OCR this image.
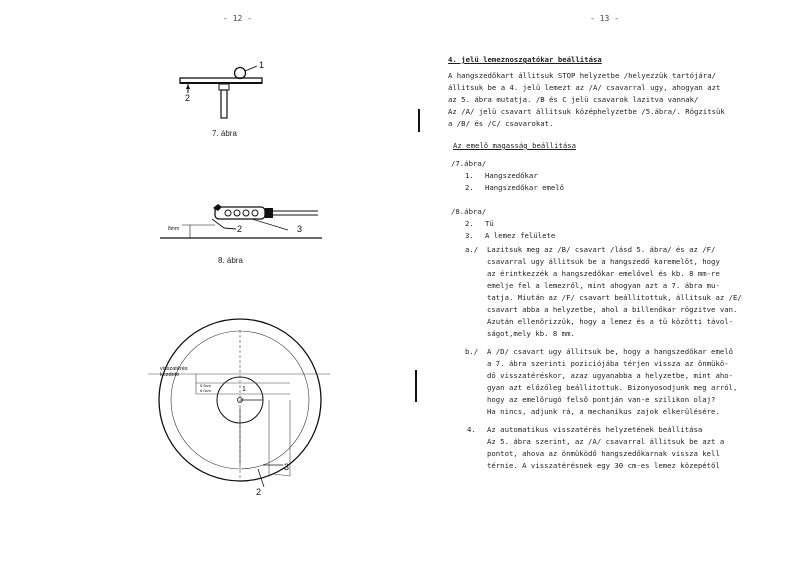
- 12 -
1
2
7. ábra
8mm	2	3
8. ábra
visszatérés
kezdete
5.5cm
6.0cm	1
2
3
- 13 -
4. jelü lemeznoszgatókar beállitása
A hangszedőkart állitsuk STOP helyzetbe /helyezzük tartójára/
állitsuk be a 4. jelü lemezt az /A/ csavarral ugy, ahogyan azt
az 5. ábra mutatja. /B és C jelü csavarok lazitva vannak/
Az /A/ jelü csavart állitsuk középhelyzetbe /5.ábra/. Rögzitsük
a /B/ és /C/ csavarokat.
Az emelő magasság beállitása
/7.ábra/
1. Hangszedőkar
2. Hangszedőkar emelő
/8.ábra/
2. Tü
3. A lemez felülete
a./ Lazitsuk meg az /B/ csavart /lásd 5. ábra/ és az /F/
csavarral ugy állitsuk be a hangszedő karemelőt, hogy
az érintkezzék a hangszedőkar emelővel és kb. 8 mm-re
emelje fel a lemezről, mint ahogyan azt a 7. ábra mu-
tatja. Miután az /F/ csavart beállitottuk, állitsuk az /E/
csavart abba a helyzetbe, ahol a billenőkar rögzitve van.
Azután ellenőrizzük, hogy a lemez és a tü közötti távol-
ságot,mely kb. 8 mm.
b./ A /D/ csavart ugy állitsuk be, hogy a hangszedőkar emelő
a 7. ábra szerinti poziciójába térjen vissza az önmükö-
dő visszatéréskor, azaz ugyanabba a helyzetbe, mint aho-
gyan azt előzőleg beállitottuk. Bizonyosodjunk meg arról,
hogy az emelőrugó felső pontján van-e szilikon olaj?
Ha nincs, adjunk rá, a mechanikus zajok elkerülésére.
4. Az automatikus visszatérés helyzetének beállitása
Az 5. ábra szerint, az /A/ csavarral állitsuk be azt a
pontot, ahova az önmüködő hangszedőkarnak vissza kell
térnie. A visszatérésnek egy 30 cm-es lemez közepétől
